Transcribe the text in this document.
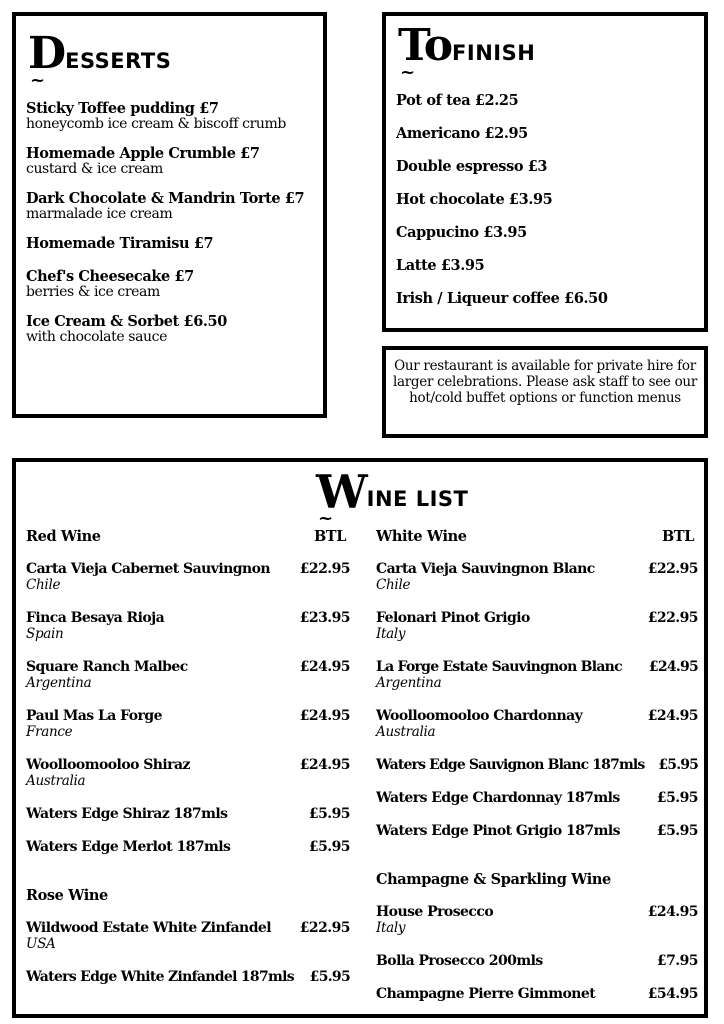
D ~ ESSERTS
Sticky Toffee pudding £7
honeycomb ice cream & biscoff crumb
Homemade Apple Crumble £7
custard & ice cream
Dark Chocolate & Mandrin Torte £7
marmalade ice cream
Homemade Tiramisu £7
Chef's Cheesecake £7
berries & ice cream
Ice Cream & Sorbet £6.50
with chocolate sauce
To ~ FINISH
Pot of tea £2.25
Americano £2.95
Double espresso £3
Hot chocolate £3.95
Cappucino £3.95
Latte £3.95
Irish / Liqueur coffee £6.50
Our restaurant is available for private hire for larger celebrations. Please ask staff to see our hot/cold buffet options or function menus
W ~ INE LIST
Red Wine	BTL
Carta Vieja Cabernet Sauvingnon £22.95
Chile
Finca Besaya Rioja	£23.95
Spain
Square Ranch Malbec	£24.95
Argentina
Paul Mas La Forge	£24.95
France
Woolloomooloo Shiraz	£24.95
Australia
Waters Edge Shiraz 187mls	£5.95
Waters Edge Merlot 187mls	£5.95
Rose Wine
Wildwood Estate White Zinfandel £22.95
USA
Waters Edge White Zinfandel 187mls £5.95
White Wine	BTL
Carta Vieja Sauvingnon Blanc	£22.95
Chile
Felonari Pinot Grigio	£22.95
Italy
La Forge Estate Sauvingnon Blanc £24.95
Argentina
Woolloomooloo Chardonnay	£24.95
Australia
Waters Edge Sauvignon Blanc 187mls £5.95
Waters Edge Chardonnay 187mls	£5.95
Waters Edge Pinot Grigio 187mls	£5.95
Champagne & Sparkling Wine
House Prosecco	£24.95
Italy
Bolla Prosecco 200mls	£7.95
Champagne Pierre Gimmonet	£54.95
